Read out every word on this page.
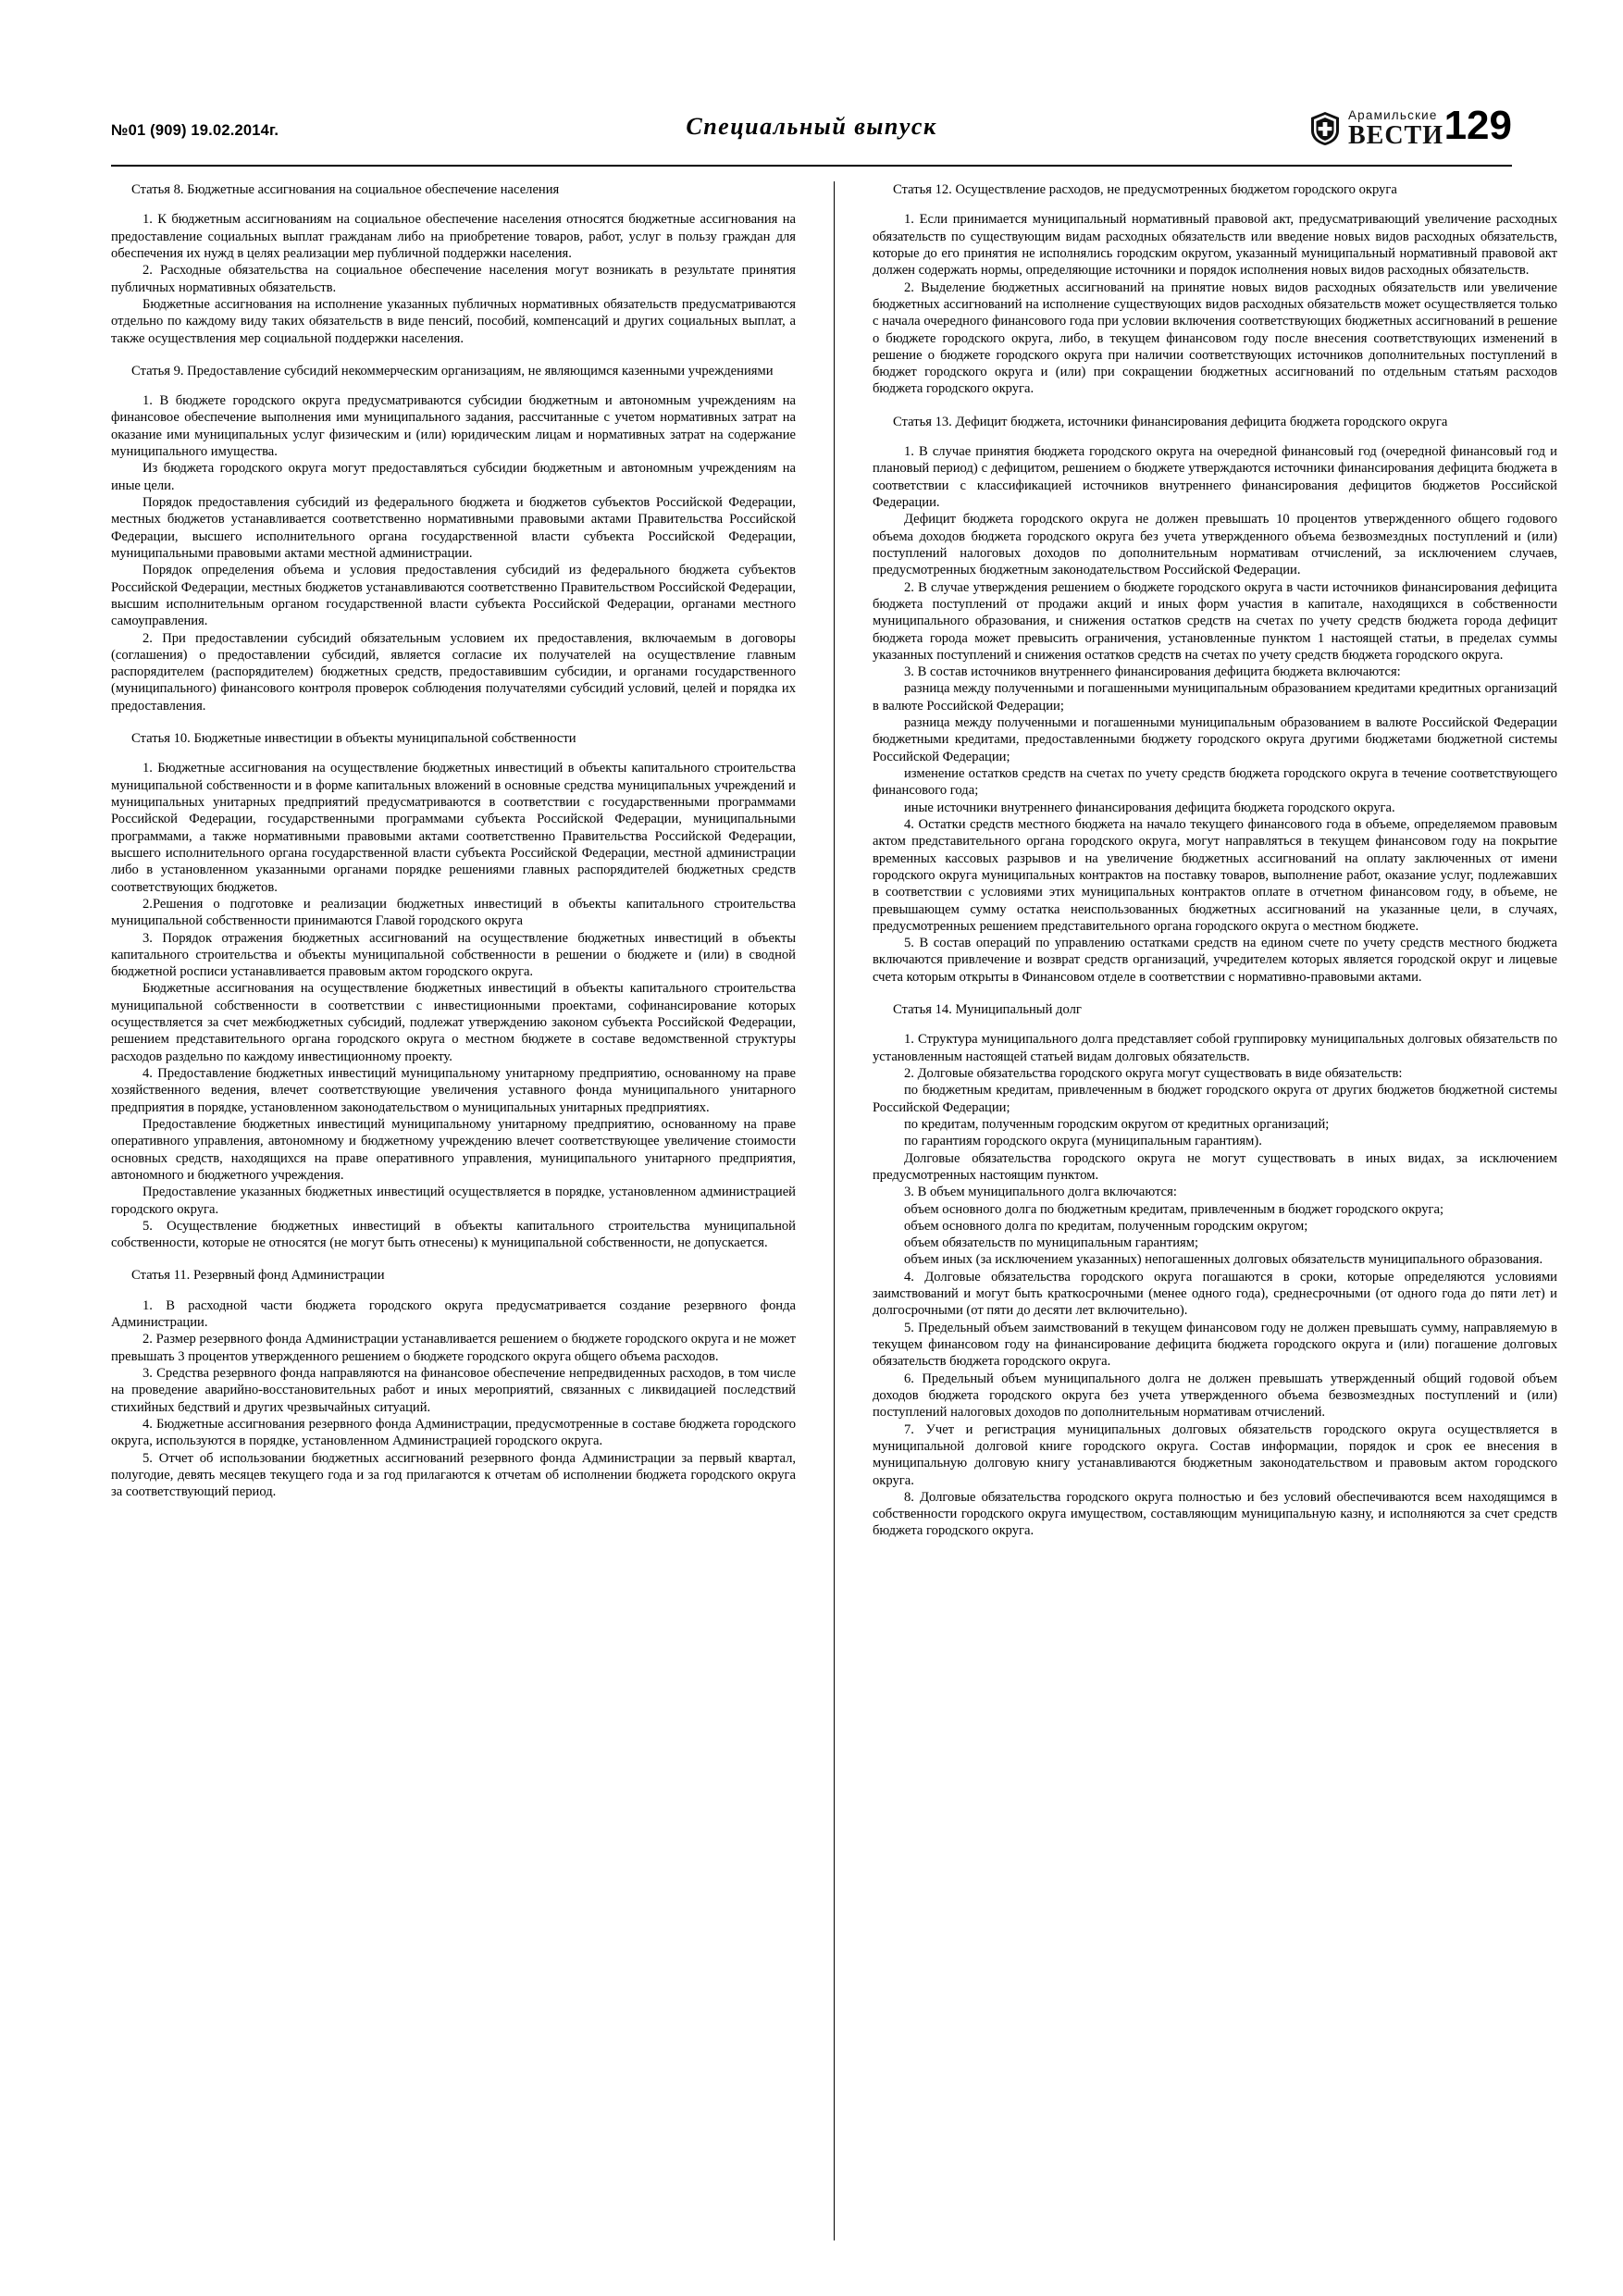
№01 (909) 19.02.2014г.	Специальный выпуск	Арамильские
ВЕСТИ 129

Статья 8. Бюджетные ассигнования на социальное обеспечение населения

1. К бюджетным ассигнованиям на социальное обеспечение населения относятся бюджетные ассигнования на предоставление социальных выплат гражданам либо на приобретение товаров, работ, услуг в пользу граждан для обеспечения их нужд в целях реализации мер публичной поддержки населения.

2. Расходные обязательства на социальное обеспечение населения могут возникать в результате принятия публичных нормативных обязательств.

Бюджетные ассигнования на исполнение указанных публичных нормативных обязательств предусматриваются отдельно по каждому виду таких обязательств в виде пенсий, пособий, компенсаций и других социальных выплат, а также осуществления мер социальной поддержки населения.

Статья 9. Предоставление субсидий некоммерческим организациям, не являющимся казенными учреждениями

1. В бюджете городского округа предусматриваются субсидии бюджетным и автономным учреждениям на финансовое обеспечение выполнения ими муниципального задания, рассчитанные с учетом нормативных затрат на оказание ими муниципальных услуг физическим и (или) юридическим лицам и нормативных затрат на содержание муниципального имущества.

Из бюджета городского округа могут предоставляться субсидии бюджетным и автономным учреждениям на иные цели.

Порядок предоставления субсидий из федерального бюджета и бюджетов субъектов Российской Федерации, местных бюджетов устанавливается соответственно нормативными правовыми актами Правительства Российской Федерации, высшего исполнительного органа государственной власти субъекта Российской Федерации, муниципальными правовыми актами местной администрации.

Порядок определения объема и условия предоставления субсидий из федерального бюджета субъектов Российской Федерации, местных бюджетов устанавливаются соответственно Правительством Российской Федерации, высшим исполнительным органом государственной власти субъекта Российской Федерации, органами местного самоуправления.

2. При предоставлении субсидий обязательным условием их предоставления, включаемым в договоры (соглашения) о предоставлении субсидий, является согласие их получателей на осуществление главным распорядителем (распорядителем) бюджетных средств, предоставившим субсидии, и органами государственного (муниципального) финансового контроля проверок соблюдения получателями субсидий условий, целей и порядка их предоставления.

Статья 10. Бюджетные инвестиции в объекты муниципальной собственности

1. Бюджетные ассигнования на осуществление бюджетных инвестиций в объекты капитального строительства муниципальной собственности и в форме капитальных вложений в основные средства муниципальных учреждений и муниципальных унитарных предприятий предусматриваются в соответствии с государственными программами Российской Федерации, государственными программами субъекта Российской Федерации, муниципальными программами, а также нормативными правовыми актами соответственно Правительства Российской Федерации, высшего исполнительного органа государственной власти субъекта Российской Федерации, местной администрации либо в установленном указанными органами порядке решениями главных распорядителей бюджетных средств соответствующих бюджетов.

2.Решения о подготовке и реализации бюджетных инвестиций в объекты капитального строительства муниципальной собственности принимаются Главой городского округа

3. Порядок отражения бюджетных ассигнований на осуществление бюджетных инвестиций в объекты капитального строительства и объекты муниципальной собственности в решении о бюджете и (или) в сводной бюджетной росписи устанавливается правовым актом городского округа.

Бюджетные ассигнования на осуществление бюджетных инвестиций в объекты капитального строительства муниципальной собственности в соответствии с инвестиционными проектами, софинансирование которых осуществляется за счет межбюджетных субсидий, подлежат утверждению законом субъекта Российской Федерации, решением представительного органа городского округа о местном бюджете в составе ведомственной структуры расходов раздельно по каждому инвестиционному проекту.

4. Предоставление бюджетных инвестиций муниципальному унитарному предприятию, основанному на праве хозяйственного ведения, влечет соответствующие увеличения уставного фонда муниципального унитарного предприятия в порядке, установленном законодательством о муниципальных унитарных предприятиях.

Предоставление бюджетных инвестиций муниципальному унитарному предприятию, основанному на праве оперативного управления, автономному и бюджетному учреждению влечет соответствующее увеличение стоимости основных средств, находящихся на праве оперативного управления, муниципального унитарного предприятия, автономного и бюджетного учреждения.

Предоставление указанных бюджетных инвестиций осуществляется в порядке, установленном администрацией городского округа.

5. Осуществление бюджетных инвестиций в объекты капитального строительства муниципальной собственности, которые не относятся (не могут быть отнесены) к муниципальной собственности, не допускается.

Статья 11. Резервный фонд Администрации

1. В расходной части бюджета городского округа предусматривается создание резервного фонда Администрации.

2. Размер резервного фонда Администрации устанавливается решением о бюджете городского округа и не может превышать 3 процентов утвержденного решением о бюджете городского округа общего объема расходов.

3. Средства резервного фонда направляются на финансовое обеспечение непредвиденных расходов, в том числе на проведение аварийно-восстановительных работ и иных мероприятий, связанных с ликвидацией последствий стихийных бедствий и других чрезвычайных ситуаций.

4. Бюджетные ассигнования резервного фонда Администрации, предусмотренные в составе бюджета городского округа, используются в порядке, установленном Администрацией городского округа.

5. Отчет об использовании бюджетных ассигнований резервного фонда Администрации за первый квартал, полугодие, девять месяцев текущего года и за год прилагаются к отчетам об исполнении бюджета городского округа за соответствующий период.

Статья 12. Осуществление расходов, не предусмотренных бюджетом городского округа

1. Если принимается муниципальный нормативный правовой акт, предусматривающий увеличение расходных обязательств по существующим видам расходных обязательств или введение новых видов расходных обязательств, которые до его принятия не исполнялись городским округом, указанный муниципальный нормативный правовой акт должен содержать нормы, определяющие источники и порядок исполнения новых видов расходных обязательств.

2. Выделение бюджетных ассигнований на принятие новых видов расходных обязательств или увеличение бюджетных ассигнований на исполнение существующих видов расходных обязательств может осуществляется только с начала очередного финансового года при условии включения соответствующих бюджетных ассигнований в решение о бюджете городского округа, либо, в текущем финансовом году после внесения соответствующих изменений в решение о бюджете городского округа при наличии соответствующих источников дополнительных поступлений в бюджет городского округа и (или) при сокращении бюджетных ассигнований по отдельным статьям расходов бюджета городского округа.

Статья 13. Дефицит бюджета, источники финансирования дефицита бюджета городского округа

1. В случае принятия бюджета городского округа на очередной финансовый год (очередной финансовый год и плановый период) с дефицитом, решением о бюджете утверждаются источники финансирования дефицита бюджета в соответствии с классификацией источников внутреннего финансирования дефицитов бюджетов Российской Федерации.

Дефицит бюджета городского округа не должен превышать 10 процентов утвержденного общего годового объема доходов бюджета городского округа без учета утвержденного объема безвозмездных поступлений и (или) поступлений налоговых доходов по дополнительным нормативам отчислений, за исключением случаев, предусмотренных бюджетным законодательством Российской Федерации.

2. В случае утверждения решением о бюджете городского округа в части источников финансирования дефицита бюджета поступлений от продажи акций и иных форм участия в капитале, находящихся в собственности муниципального образования, и снижения остатков средств на счетах по учету средств бюджета города дефицит бюджета города может превысить ограничения, установленные пунктом 1 настоящей статьи, в пределах суммы указанных поступлений и снижения остатков средств на счетах по учету средств бюджета городского округа.

3. В состав источников внутреннего финансирования дефицита бюджета включаются:

разница между полученными и погашенными муниципальным образованием кредитами кредитных организаций в валюте Российской Федерации;

разница между полученными и погашенными муниципальным образованием в валюте Российской Федерации бюджетными кредитами, предоставленными бюджету городского округа другими бюджетами бюджетной системы Российской Федерации;

изменение остатков средств на счетах по учету средств бюджета городского округа в течение соответствующего финансового года;

иные источники внутреннего финансирования дефицита бюджета городского округа.

4. Остатки средств местного бюджета на начало текущего финансового года в объеме, определяемом правовым актом представительного органа городского округа, могут направляться в текущем финансовом году на покрытие временных кассовых разрывов и на увеличение бюджетных ассигнований на оплату заключенных от имени городского округа муниципальных контрактов на поставку товаров, выполнение работ, оказание услуг, подлежавших в соответствии с условиями этих муниципальных контрактов оплате в отчетном финансовом году, в объеме, не превышающем сумму остатка неиспользованных бюджетных ассигнований на указанные цели, в случаях, предусмотренных решением представительного органа городского округа о местном бюджете.

5. В состав операций по управлению остатками средств на едином счете по учету средств местного бюджета включаются привлечение и возврат средств организаций, учредителем которых является городской округ и лицевые счета которым открыты в Финансовом отделе в соответствии с нормативно-правовыми актами.

Статья 14. Муниципальный долг

1. Структура муниципального долга представляет собой группировку муниципальных долговых обязательств по установленным настоящей статьей видам долговых обязательств.

2. Долговые обязательства городского округа могут существовать в виде обязательств:

по бюджетным кредитам, привлеченным в бюджет городского округа от других бюджетов бюджетной системы Российской Федерации;

по кредитам, полученным городским округом от кредитных организаций;

по гарантиям городского округа (муниципальным гарантиям).

Долговые обязательства городского округа не могут существовать в иных видах, за исключением предусмотренных настоящим пунктом.

3. В объем муниципального долга включаются:

объем основного долга по бюджетным кредитам, привлеченным в бюджет городского округа;

объем основного долга по кредитам, полученным городским округом;

объем обязательств по муниципальным гарантиям;

объем иных (за исключением указанных) непогашенных долговых обязательств муниципального образования.

4. Долговые обязательства городского округа погашаются в сроки, которые определяются условиями заимствований и могут быть краткосрочными (менее одного года), среднесрочными (от одного года до пяти лет) и долгосрочными (от пяти до десяти лет включительно).

5. Предельный объем заимствований в текущем финансовом году не должен превышать сумму, направляемую в текущем финансовом году на финансирование дефицита бюджета городского округа и (или) погашение долговых обязательств бюджета городского округа.

6. Предельный объем муниципального долга не должен превышать утвержденный общий годовой объем доходов бюджета городского округа без учета утвержденного объема безвозмездных поступлений и (или) поступлений налоговых доходов по дополнительным нормативам отчислений.

7. Учет и регистрация муниципальных долговых обязательств городского округа осуществляется в муниципальной долговой книге городского округа. Состав информации, порядок и срок ее внесения в муниципальную долговую книгу устанавливаются бюджетным законодательством и правовым актом городского округа.

8. Долговые обязательства городского округа полностью и без условий обеспечиваются всем находящимся в собственности городского округа имуществом, составляющим муниципальную казну, и исполняются за счет средств бюджета городского округа.
